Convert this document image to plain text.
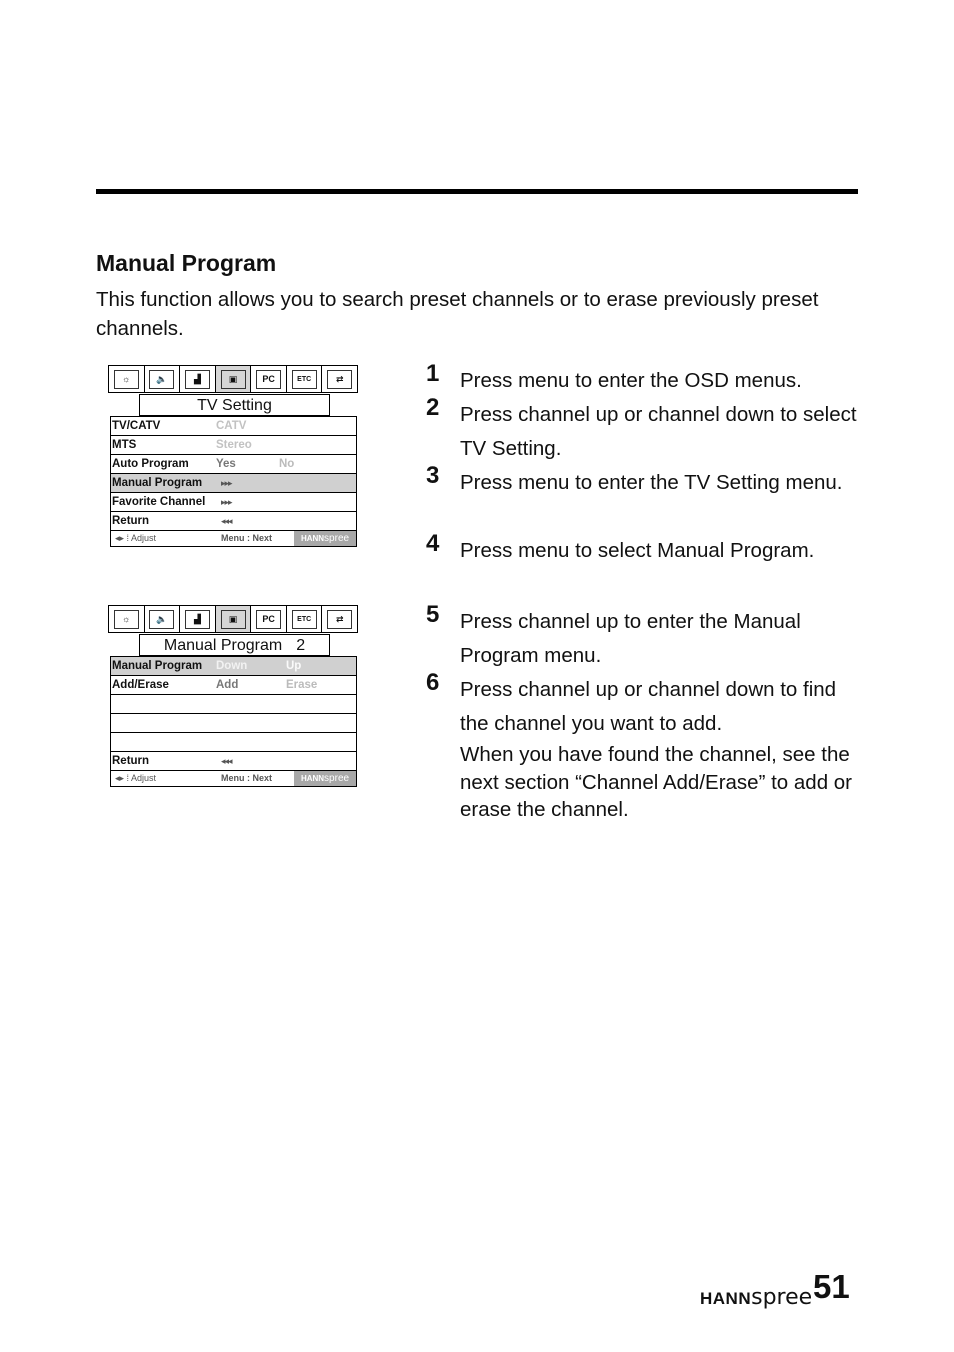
Manual Program

This function allows you to search preset channels or to erase previously preset channels.

☼	🔈	▟	▣	PC	ETC	⇄
TV Setting
TV/CATV	CATV
MTS	Stereo
Auto Program Yes	No
Manual Program ▸▸▸
Favorite Channel ▸▸▸
Return	◂◂◂
◂▸ ⁞ Adjust	Menu : Next	HANNspree
☼	🔈	▟	▣	PC	ETC	⇄
Manual Program 2
Manual Program Down	Up
Add/Erase	Add	Erase
Return	◂◂◂
◂▸ ⁞ Adjust	Menu : Next	HANNspree
1 Press menu to enter the OSD menus.
2 Press channel up or channel down to select TV Setting.
3 Press menu to enter the TV Setting menu.
4 Press menu to select Manual Program.
5 Press channel up to enter the Manual Program menu.
6 Press channel up or channel down to find the channel you want to add.
When you have found the channel, see the next section “Channel Add/Erase” to add or erase the channel.
HANNspree 51
